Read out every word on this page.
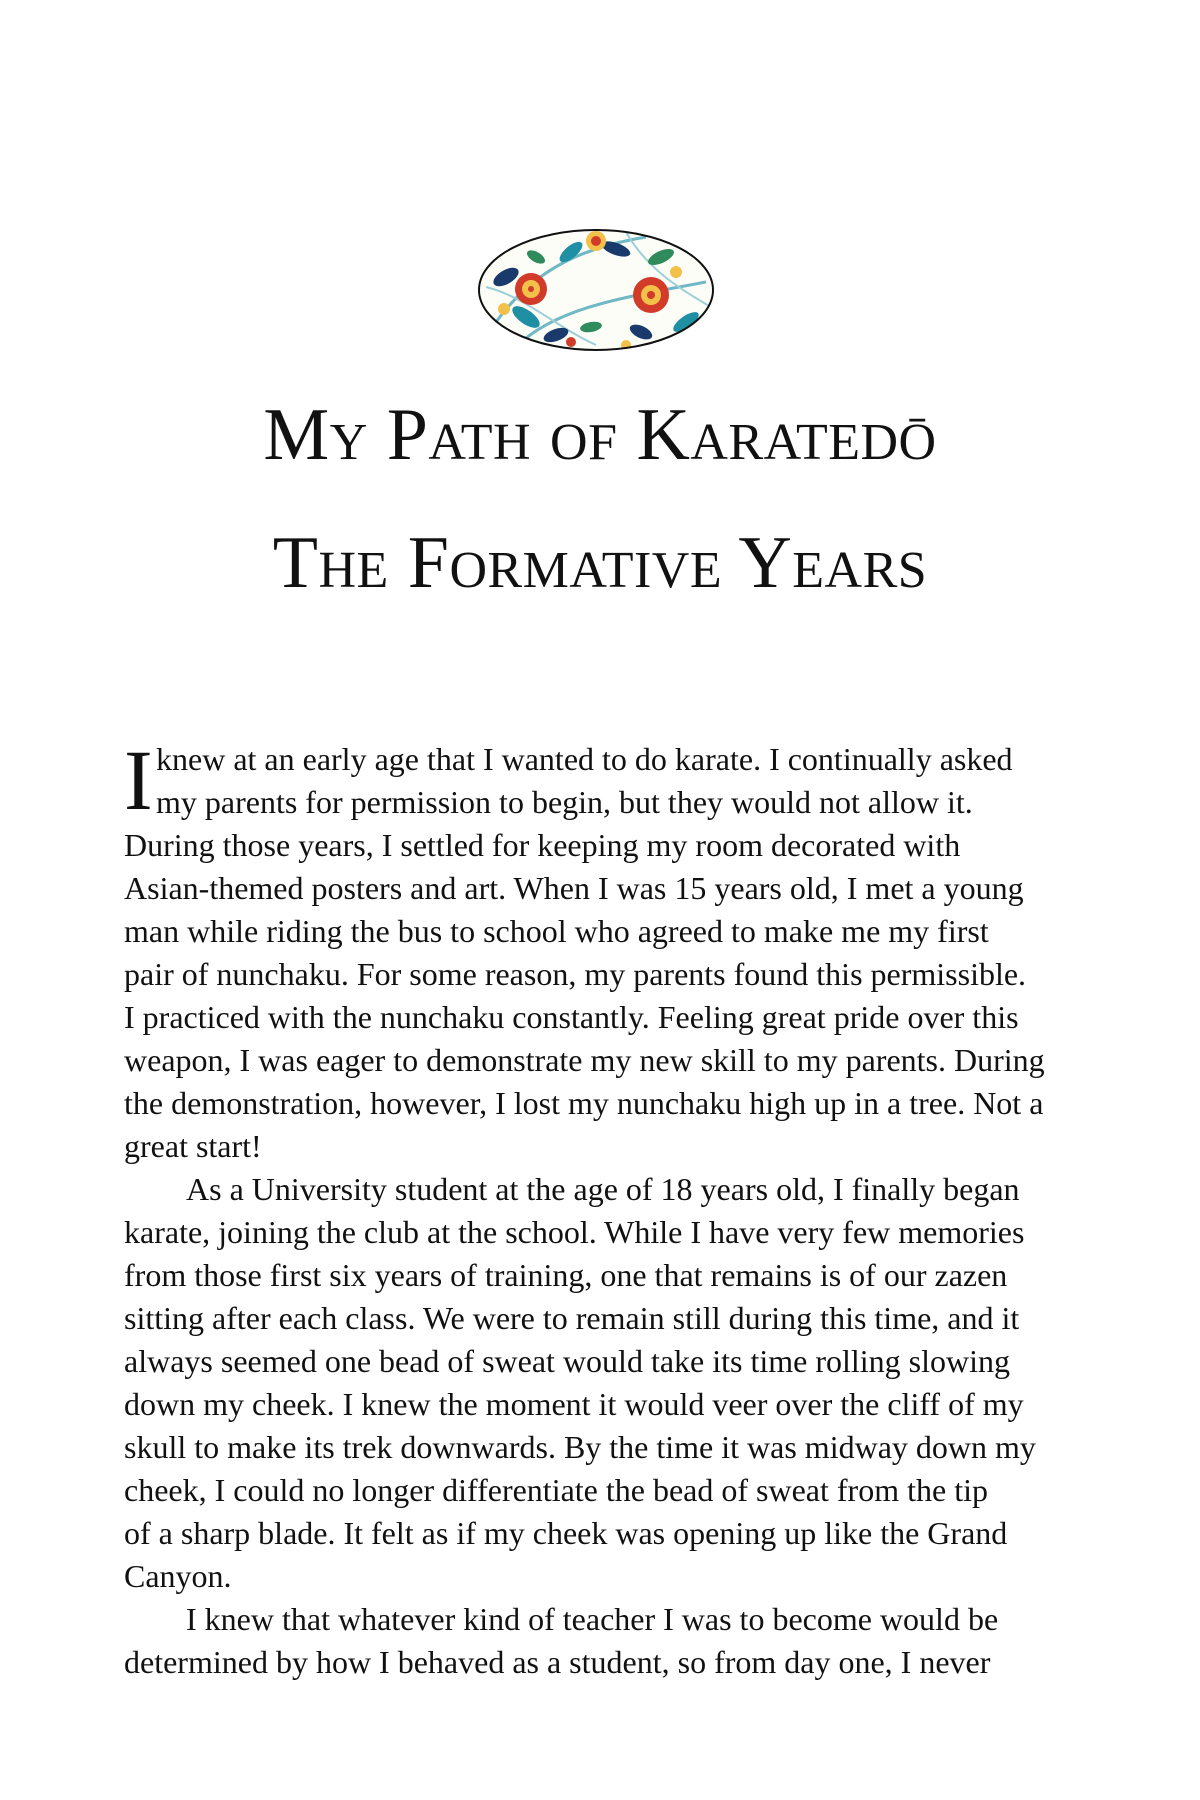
My Path of Karatedō
The Formative Years
I knew at an early age that I wanted to do karate. I continually asked
my parents for permission to begin, but they would not allow it.
During those years, I settled for keeping my room decorated with
Asian-themed posters and art. When I was 15 years old, I met a young
man while riding the bus to school who agreed to make me my first
pair of nunchaku. For some reason, my parents found this permissible.
I practiced with the nunchaku constantly. Feeling great pride over this
weapon, I was eager to demonstrate my new skill to my parents. During
the demonstration, however, I lost my nunchaku high up in a tree. Not a
great start!
As a University student at the age of 18 years old, I finally began
karate, joining the club at the school. While I have very few memories
from those first six years of training, one that remains is of our zazen
sitting after each class. We were to remain still during this time, and it
always seemed one bead of sweat would take its time rolling slowing
down my cheek. I knew the moment it would veer over the cliff of my
skull to make its trek downwards. By the time it was midway down my
cheek, I could no longer differentiate the bead of sweat from the tip
of a sharp blade. It felt as if my cheek was opening up like the Grand
Canyon.
I knew that whatever kind of teacher I was to become would be
determined by how I behaved as a student, so from day one, I never
